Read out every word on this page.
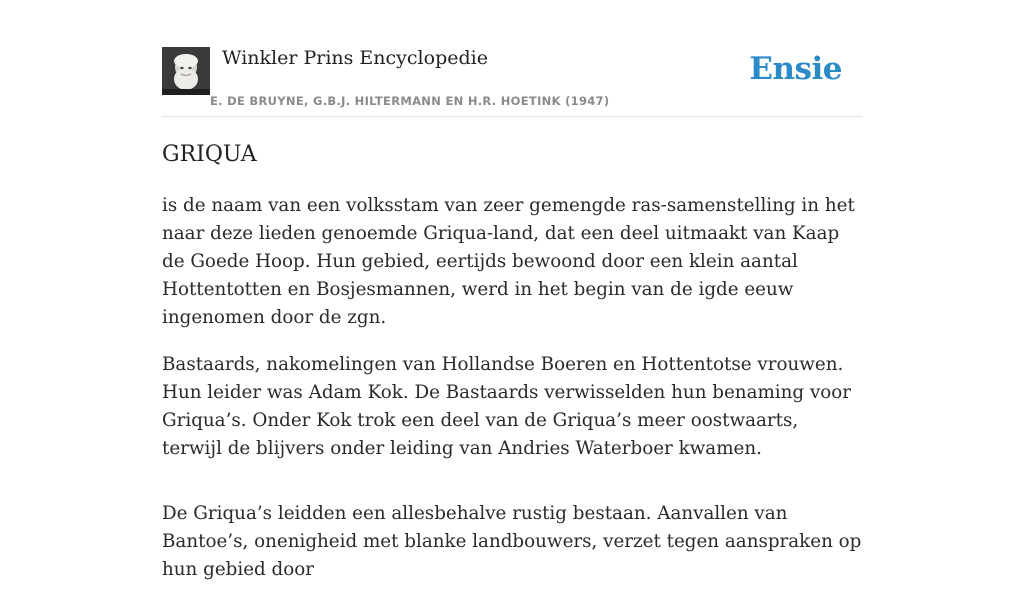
Winkler Prins Encyclopedie
E. DE BRUYNE, G.B.J. HILTERMANN EN H.R. HOETINK (1947)
Ensie
GRIQUA

is de naam van een volksstam van zeer gemengde ras-samenstelling in het naar deze lieden genoemde Griqua-land, dat een deel uitmaakt van Kaap de Goede Hoop. Hun gebied, eertijds bewoond door een klein aantal Hottentotten en Bosjesmannen, werd in het begin van de igde eeuw ingenomen door de zgn.

Bastaards, nakomelingen van Hollandse Boeren en Hottentotse vrouwen. Hun leider was Adam Kok. De Bastaards verwisselden hun benaming voor Griqua’s. Onder Kok trok een deel van de Griqua’s meer oostwaarts, terwijl de blijvers onder leiding van Andries Waterboer kwamen.

De Griqua’s leidden een allesbehalve rustig bestaan. Aanvallen van Bantoe’s, onenigheid met blanke landbouwers, verzet tegen aanspraken op hun gebied door
